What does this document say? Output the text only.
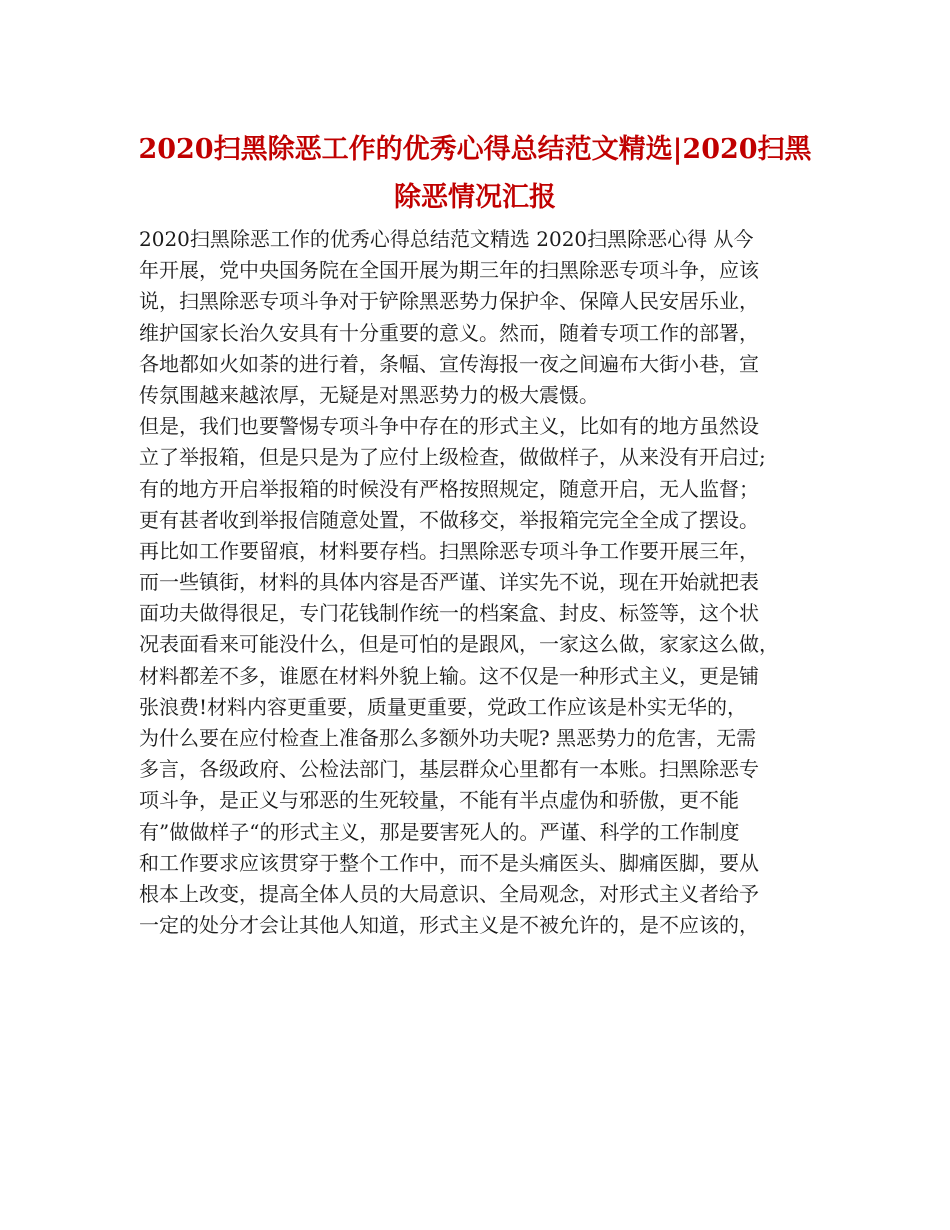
2020扫黑除恶工作的优秀心得总结范文精选|2020扫黑
除恶情况汇报
2020扫黑除恶工作的优秀心得总结范文精选 2020扫黑除恶心得 从今
年开展，党中央国务院在全国开展为期三年的扫黑除恶专项斗争，应该
说，扫黑除恶专项斗争对于铲除黑恶势力保护伞、保障人民安居乐业，
维护国家长治久安具有十分重要的意义。然而，随着专项工作的部署，
各地都如火如荼的进行着，条幅、宣传海报一夜之间遍布大街小巷，宣
传氛围越来越浓厚，无疑是对黑恶势力的极大震慑。
但是，我们也要警惕专项斗争中存在的形式主义，比如有的地方虽然设
立了举报箱，但是只是为了应付上级检查，做做样子，从来没有开启过;
有的地方开启举报箱的时候没有严格按照规定，随意开启，无人监督；
更有甚者收到举报信随意处置，不做移交，举报箱完完全全成了摆设。
再比如工作要留痕，材料要存档。扫黑除恶专项斗争工作要开展三年，
而一些镇街，材料的具体内容是否严谨、详实先不说，现在开始就把表
面功夫做得很足，专门花钱制作统一的档案盒、封皮、标签等，这个状
况表面看来可能没什么，但是可怕的是跟风，一家这么做，家家这么做，
材料都差不多，谁愿在材料外貌上输。这不仅是一种形式主义，更是铺
张浪费!材料内容更重要，质量更重要，党政工作应该是朴实无华的，
为什么要在应付检查上准备那么多额外功夫呢? 黑恶势力的危害，无需
多言，各级政府、公检法部门，基层群众心里都有一本账。扫黑除恶专
项斗争，是正义与邪恶的生死较量，不能有半点虚伪和骄傲，更不能
有”做做样子“的形式主义，那是要害死人的。严谨、科学的工作制度
和工作要求应该贯穿于整个工作中，而不是头痛医头、脚痛医脚，要从
根本上改变，提高全体人员的大局意识、全局观念，对形式主义者给予
一定的处分才会让其他人知道，形式主义是不被允许的，是不应该的，
